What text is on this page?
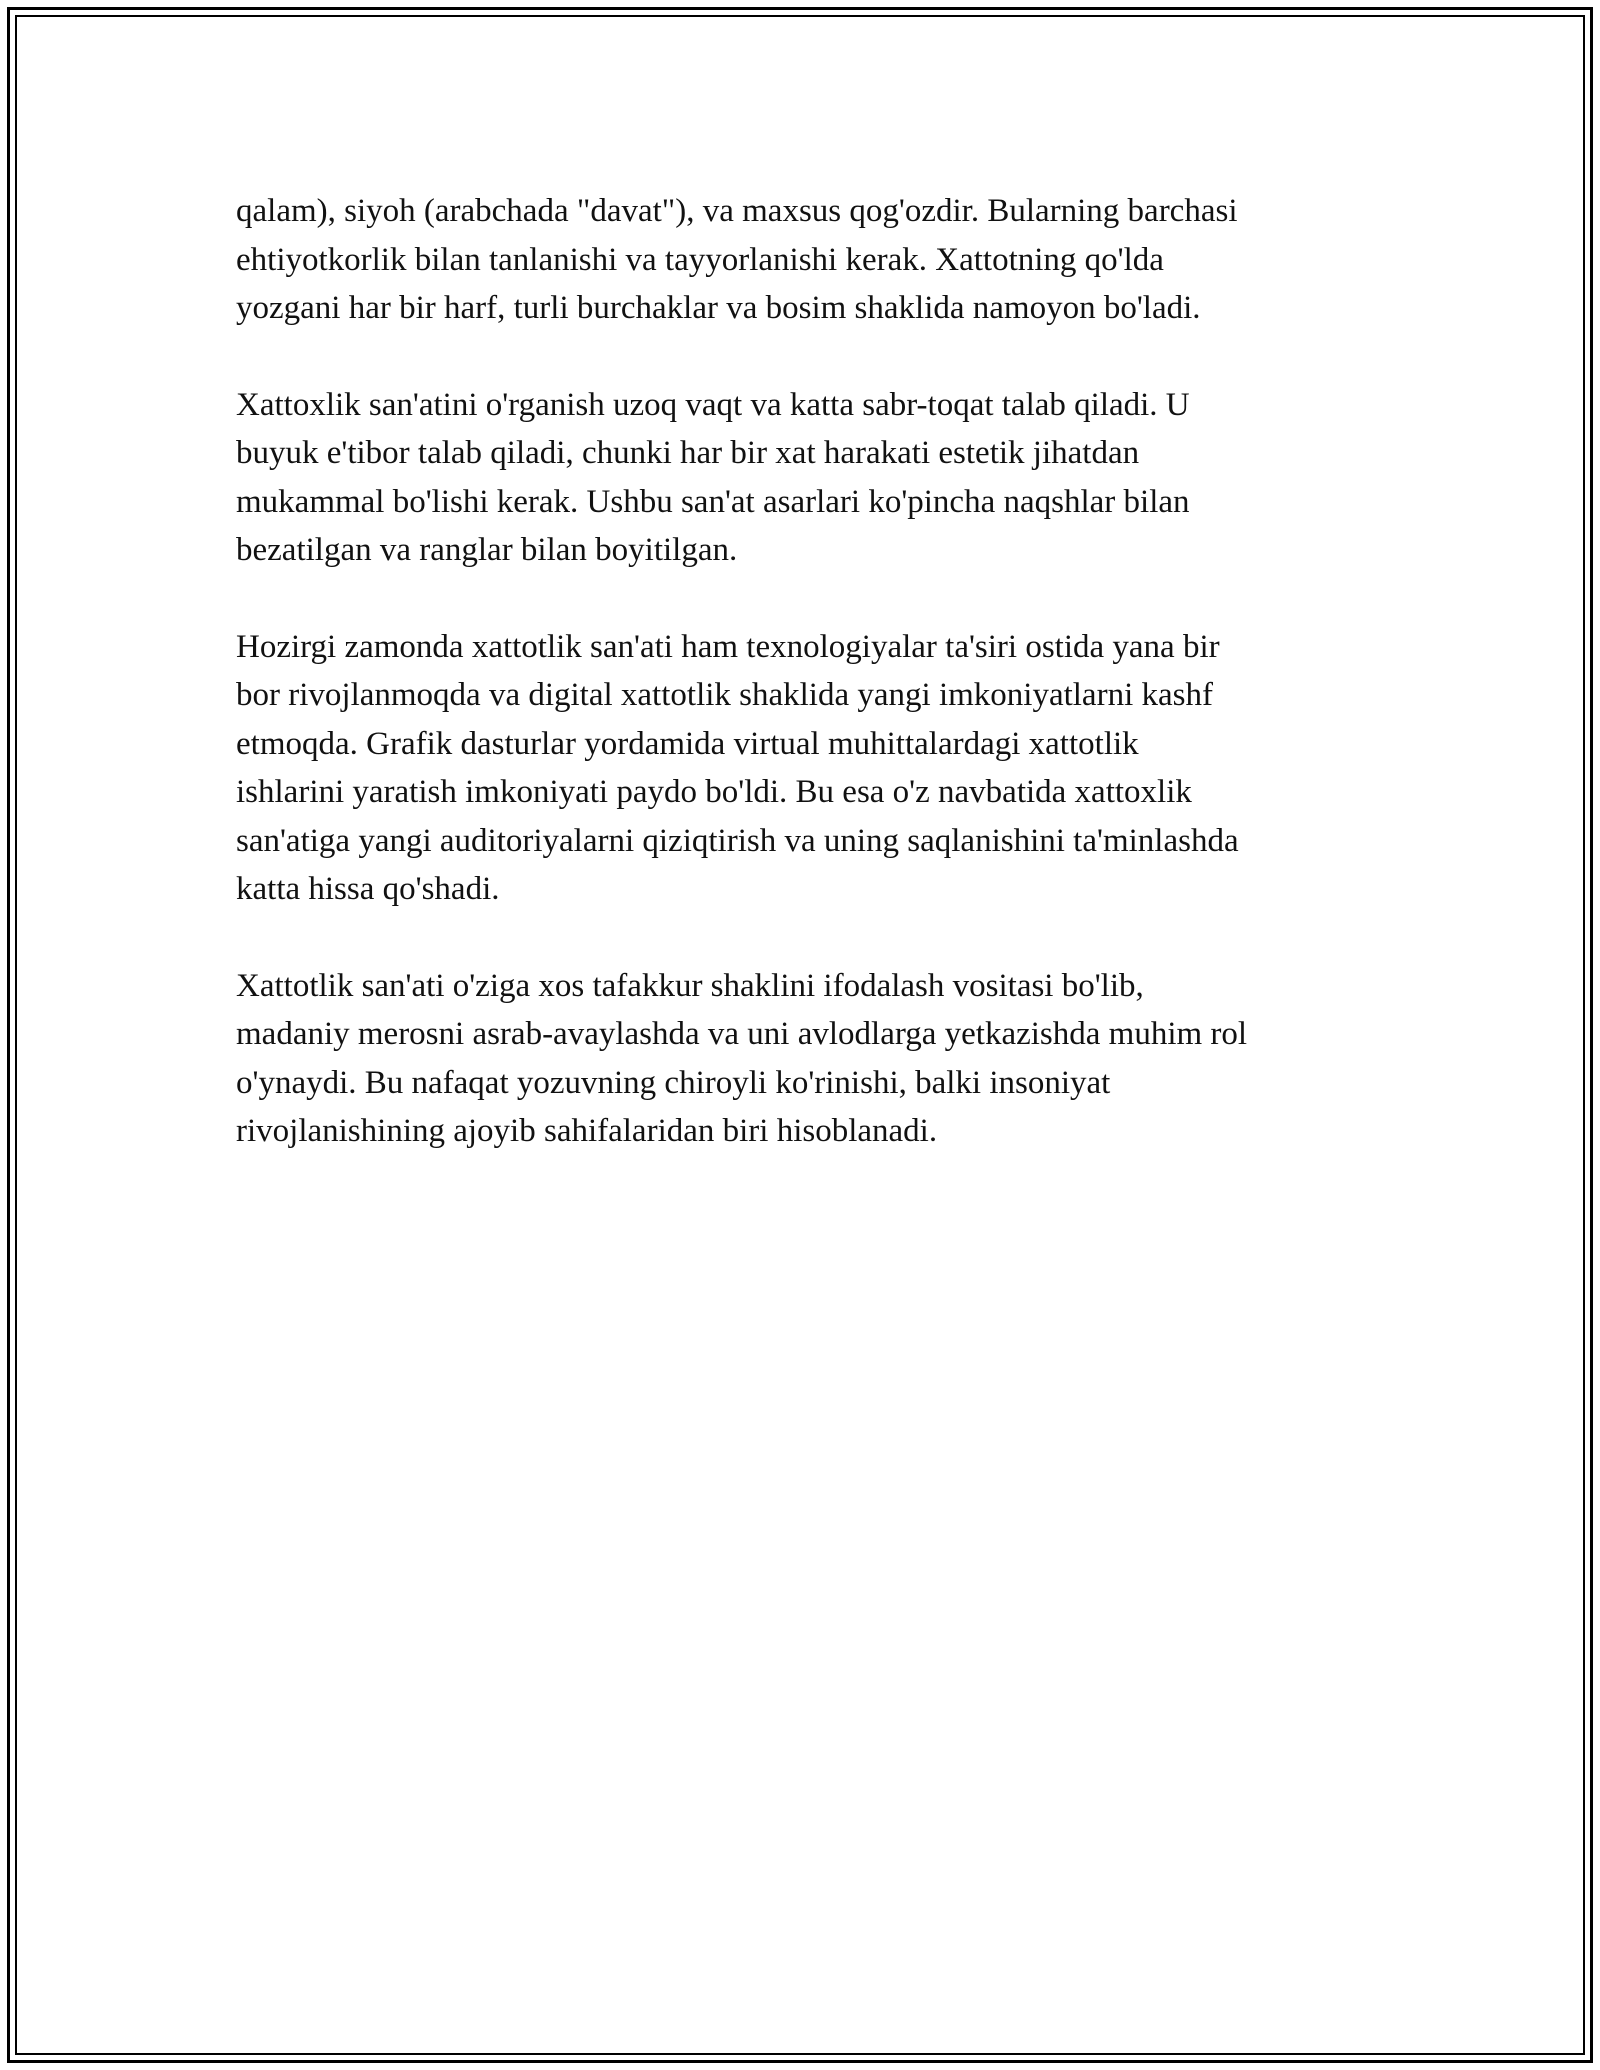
qalam), siyoh (arabchada "davat"), va maxsus qog'ozdir. Bularning barchasi
ehtiyotkorlik bilan tanlanishi va tayyorlanishi kerak. Xattotning qo'lda
yozgani har bir harf, turli burchaklar va bosim shaklida namoyon bo'ladi.

Xattoxlik san'atini o'rganish uzoq vaqt va katta sabr-toqat talab qiladi. U
buyuk e'tibor talab qiladi, chunki har bir xat harakati estetik jihatdan
mukammal bo'lishi kerak. Ushbu san'at asarlari ko'pincha naqshlar bilan
bezatilgan va ranglar bilan boyitilgan.

Hozirgi zamonda xattotlik san'ati ham texnologiyalar ta'siri ostida yana bir
bor rivojlanmoqda va digital xattotlik shaklida yangi imkoniyatlarni kashf
etmoqda. Grafik dasturlar yordamida virtual muhittalardagi xattotlik
ishlarini yaratish imkoniyati paydo bo'ldi. Bu esa o'z navbatida xattoxlik
san'atiga yangi auditoriyalarni qiziqtirish va uning saqlanishini ta'minlashda
katta hissa qo'shadi.

Xattotlik san'ati o'ziga xos tafakkur shaklini ifodalash vositasi bo'lib,
madaniy merosni asrab-avaylashda va uni avlodlarga yetkazishda muhim rol
o'ynaydi. Bu nafaqat yozuvning chiroyli ko'rinishi, balki insoniyat
rivojlanishining ajoyib sahifalaridan biri hisoblanadi.
